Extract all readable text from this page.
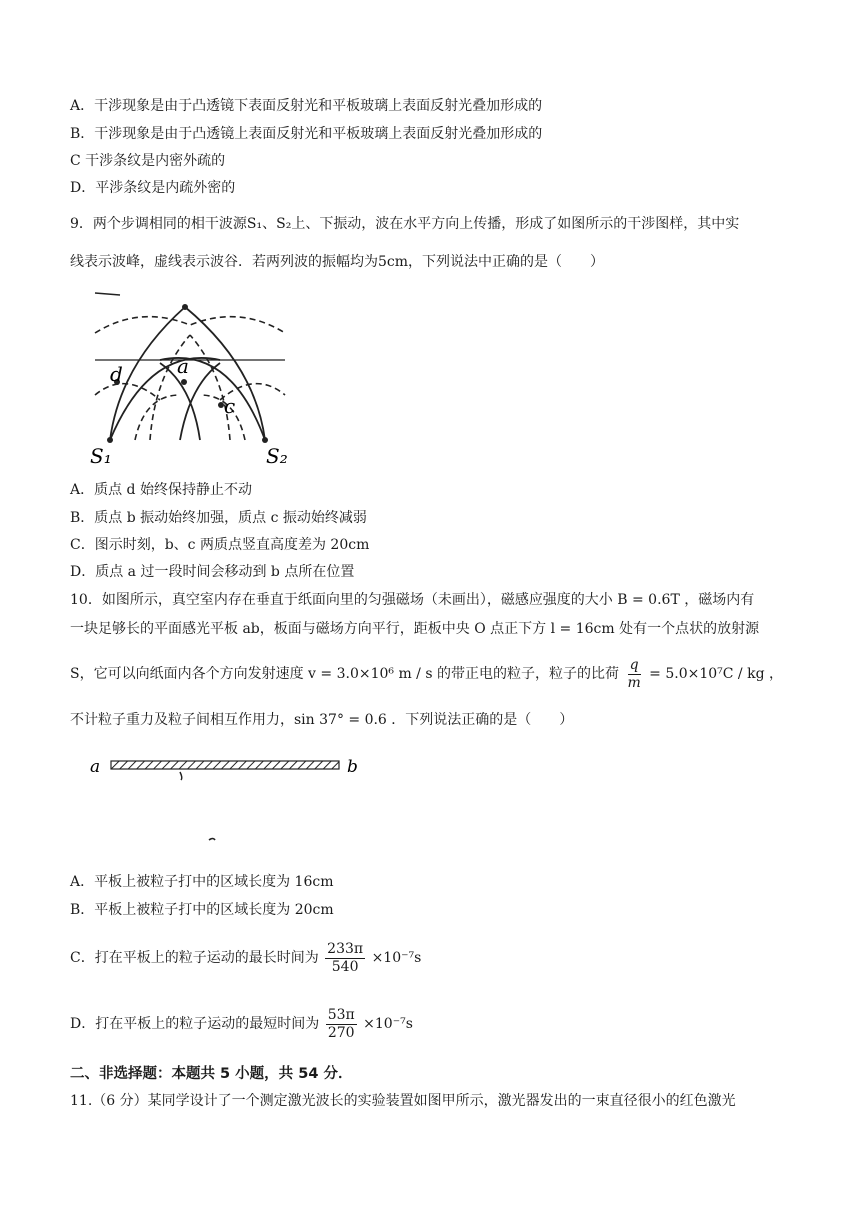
A．干涉现象是由于凸透镜下表面反射光和平板玻璃上表面反射光叠加形成的
B．干涉现象是由于凸透镜上表面反射光和平板玻璃上表面反射光叠加形成的
C 干涉条纹是内密外疏的
D．平涉条纹是内疏外密的
9．两个步调相同的相干波源S₁、S₂上、下振动，波在水平方向上传播，形成了如图所示的干涉图样，其中实
线表示波峰，虚线表示波谷．若两列波的振幅均为5cm，下列说法中正确的是（　　）
d	a
c
S₁	S₂
A．质点 d 始终保持静止不动
B．质点 b 振动始终加强，质点 c 振动始终减弱
C．图示时刻，b、c 两质点竖直高度差为 20cm
D．质点 a 过一段时间会移动到 b 点所在位置
10．如图所示，真空室内存在垂直于纸面向里的匀强磁场（未画出），磁感应强度的大小 B = 0.6T ，磁场内有
一块足够长的平面感光平板 ab，板面与磁场方向平行，距板中央 O 点正下方 l = 16cm 处有一个点状的放射源
S，它可以向纸面内各个方向发射速度 v = 3.0×10⁶ m / s 的带正电的粒子，粒子的比荷 $\frac{q}{m} = 5.0\times 10^7C$ / kg ，
不计粒子重力及粒子间相互作用力，sin 37° = 0.6 ．下列说法正确的是（　　）
a	b
A．平板上被粒子打中的区域长度为 16cm
B．平板上被粒子打中的区域长度为 20cm
C．打在平板上的粒子运动的最长时间为 $\frac{233\pi}{540} \times 10^{-7}s$
D．打在平板上的粒子运动的最短时间为 $\frac{53\pi}{270} \times 10^{-7}s$
二、非选择题：本题共 5 小题，共 54 分．
11.（6 分）某同学设计了一个测定激光波长的实验装置如图甲所示，激光器发出的一束直径很小的红色激光
